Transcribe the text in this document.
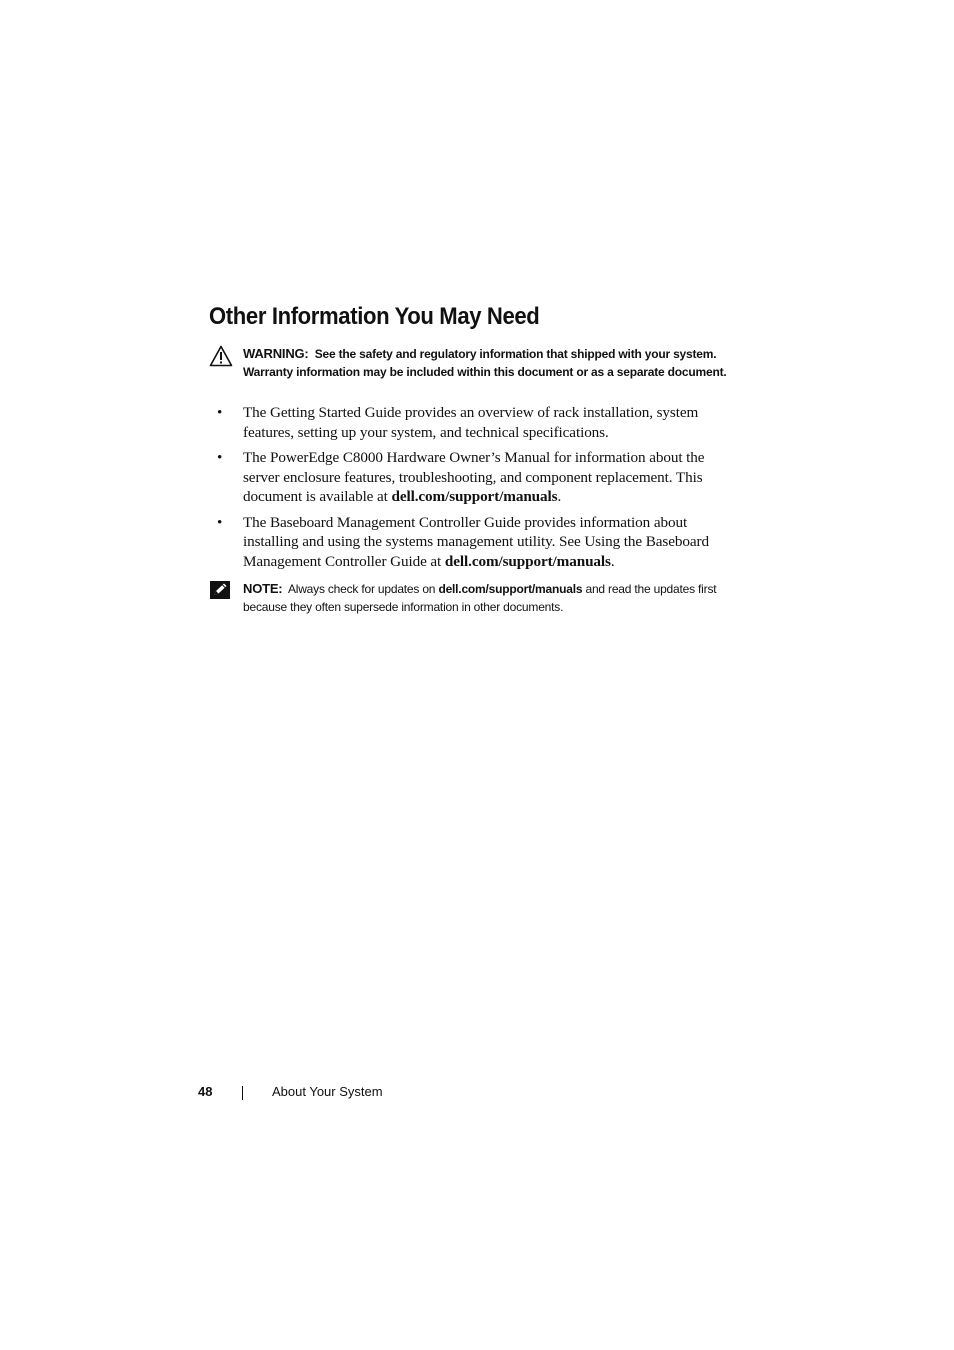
Other Information You May Need
WARNING: See the safety and regulatory information that shipped with your system. Warranty information may be included within this document or as a separate document.
• The Getting Started Guide provides an overview of rack installation, system features, setting up your system, and technical specifications.
• The PowerEdge C8000 Hardware Owner’s Manual for information about the server enclosure features, troubleshooting, and component replacement. This document is available at dell.com/support/manuals.
• The Baseboard Management Controller Guide provides information about installing and using the systems management utility. See Using the Baseboard Management Controller Guide at dell.com/support/manuals.
NOTE: Always check for updates on dell.com/support/manuals and read the updates first because they often supersede information in other documents.
48	About Your System
